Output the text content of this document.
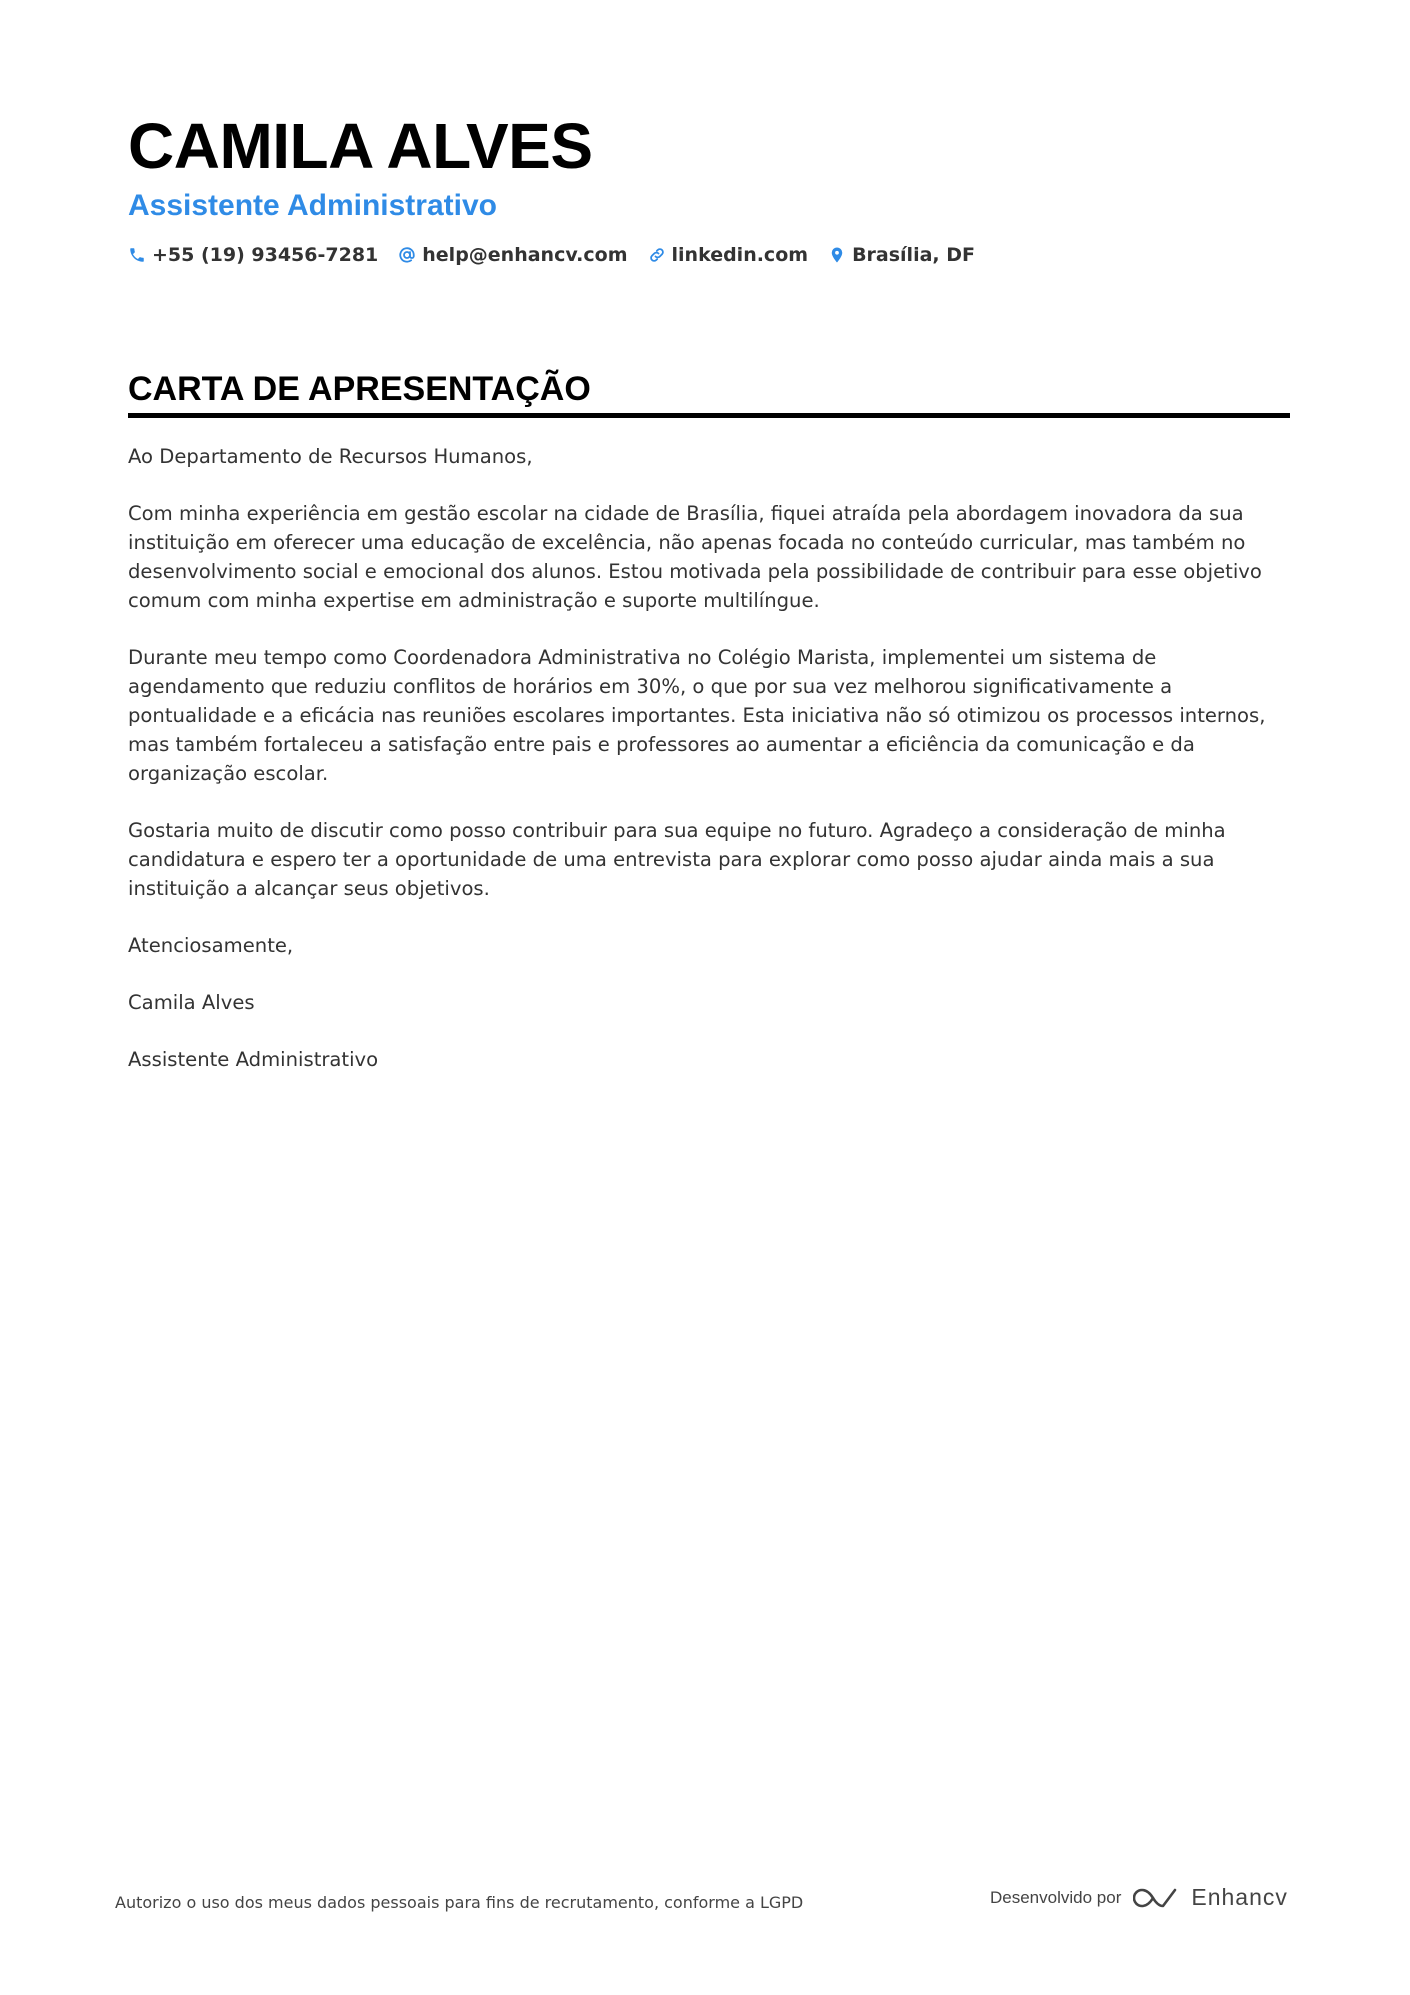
CAMILA ALVES
Assistente Administrativo
+55 (19) 93456-7281 help@enhancv.com linkedin.com Brasília, DF
CARTA DE APRESENTAÇÃO

Ao Departamento de Recursos Humanos,

Com minha experiência em gestão escolar na cidade de Brasília, fiquei atraída pela abordagem inovadora da sua instituição em oferecer uma educação de excelência, não apenas focada no conteúdo curricular, mas também no desenvolvimento social e emocional dos alunos. Estou motivada pela possibilidade de contribuir para esse objetivo comum com minha expertise em administração e suporte multilíngue.

Durante meu tempo como Coordenadora Administrativa no Colégio Marista, implementei um sistema de agendamento que reduziu conflitos de horários em 30%, o que por sua vez melhorou significativamente a pontualidade e a eficácia nas reuniões escolares importantes. Esta iniciativa não só otimizou os processos internos, mas também fortaleceu a satisfação entre pais e professores ao aumentar a eficiência da comunicação e da organização escolar.

Gostaria muito de discutir como posso contribuir para sua equipe no futuro. Agradeço a consideração de minha candidatura e espero ter a oportunidade de uma entrevista para explorar como posso ajudar ainda mais a sua instituição a alcançar seus objetivos.

Atenciosamente,

Camila Alves

Assistente Administrativo

Autorizo o uso dos meus dados pessoais para fins de recrutamento, conforme a LGPD	Desenvolvido por	Enhancv
